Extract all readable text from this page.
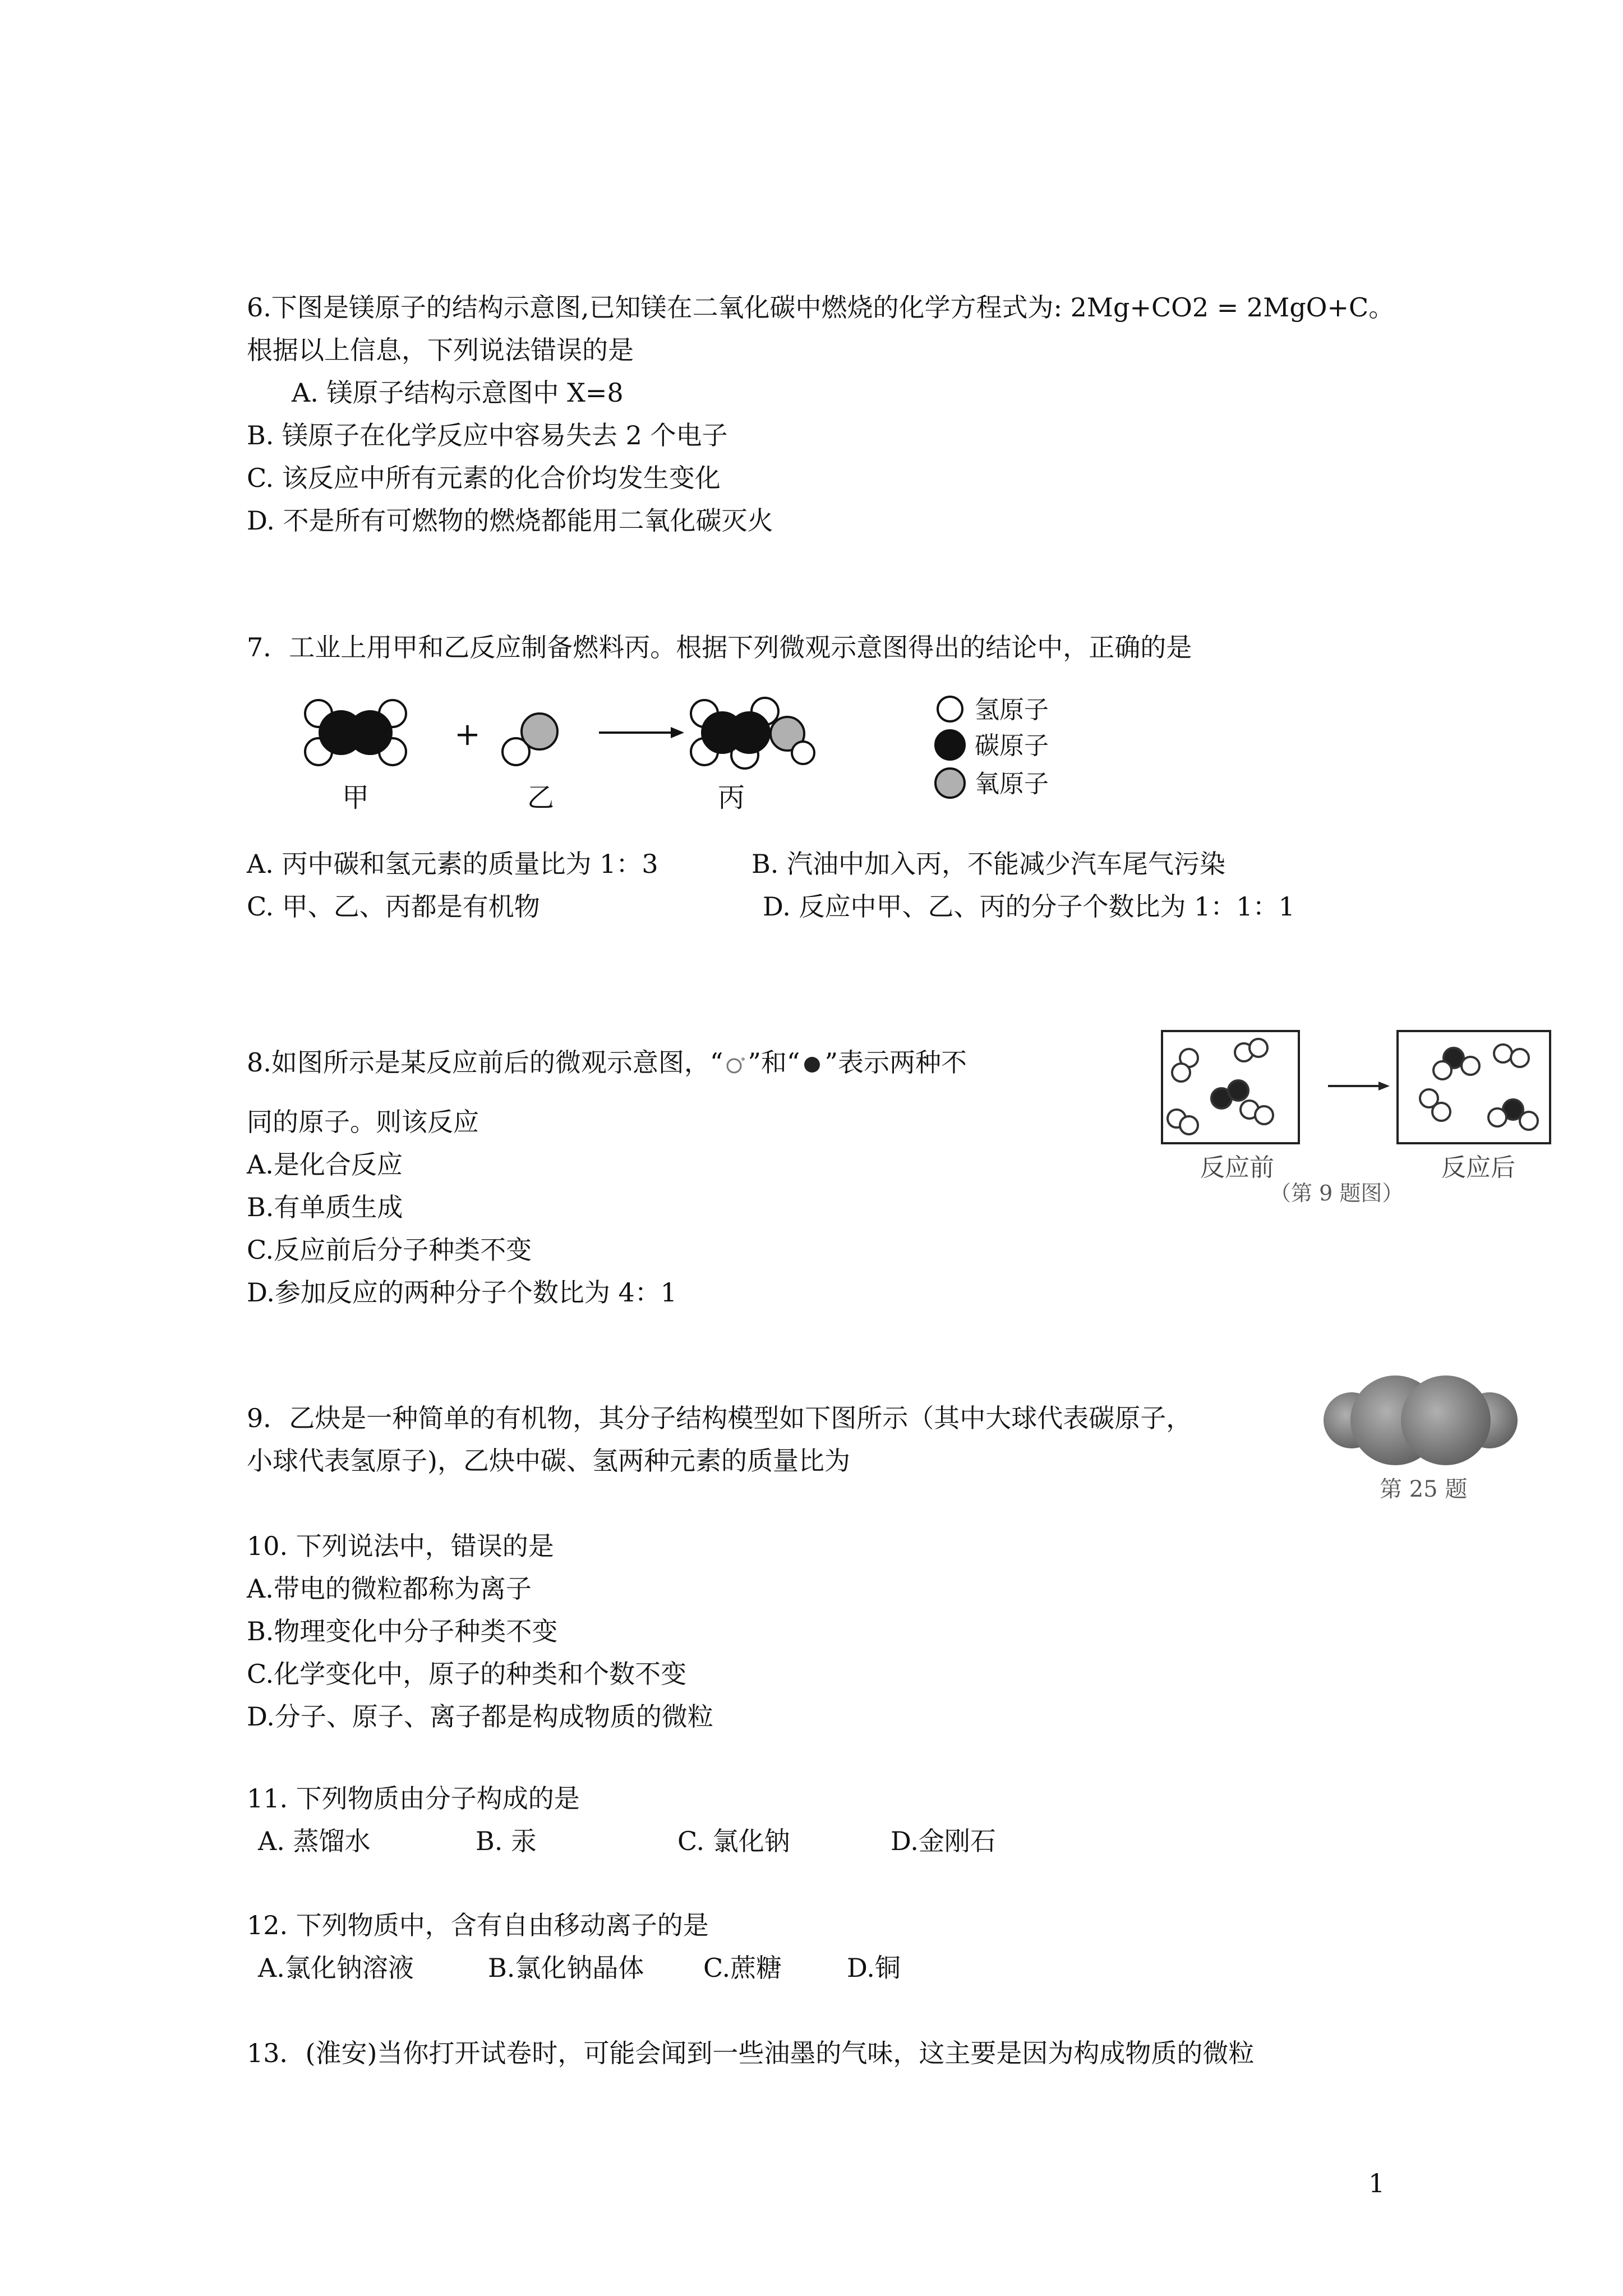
6.下图是镁原子的结构示意图,已知镁在二氧化碳中燃烧的化学方程式为: 2Mg+CO2 = 2MgO+C。
根据以上信息，下列说法错误的是
A. 镁原子结构示意图中 X=8
B. 镁原子在化学反应中容易失去 2 个电子
C. 该反应中所有元素的化合价均发生变化
D. 不是所有可燃物的燃烧都能用二氧化碳灭火
7．工业上用甲和乙反应制备燃料丙。根据下列微观示意图得出的结论中，正确的是
+
甲	乙	丙
氢原子
碳原子
氧原子
A. 丙中碳和氢元素的质量比为 1：3	B. 汽油中加入丙，不能减少汽车尾气污染
C. 甲、乙、丙都是有机物	D. 反应中甲、乙、丙的分子个数比为 1：1：1
8.如图所示是某反应前后的微观示意图，“ ”和“ ”表示两种不
同的原子。则该反应
A.是化合反应
B.有单质生成
C.反应前后分子种类不变
D.参加反应的两种分子个数比为 4：1
反应前	反应后
（第 9 题图）
9．乙炔是一种简单的有机物，其分子结构模型如下图所示（其中大球代表碳原子，
小球代表氢原子)，乙炔中碳、氢两种元素的质量比为
第 25 题
10. 下列说法中，错误的是
A.带电的微粒都称为离子
B.物理变化中分子种类不变
C.化学变化中，原子的种类和个数不变
D.分子、原子、离子都是构成物质的微粒
11. 下列物质由分子构成的是
A. 蒸馏水	B. 汞	C. 氯化钠	D.金刚石
12. 下列物质中，含有自由移动离子的是
A.氯化钠溶液	B.氯化钠晶体 C.蔗糖	D.铜
13．(淮安)当你打开试卷时，可能会闻到一些油墨的气味，这主要是因为构成物质的微粒
1
